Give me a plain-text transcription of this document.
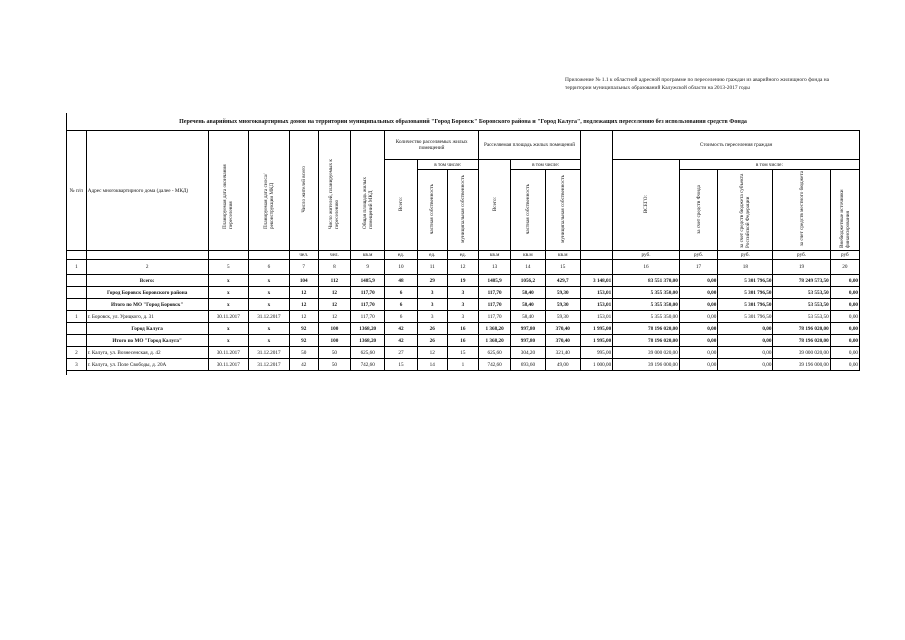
Приложение № 1.1 к областной адресной программе по переселению граждан из аварийного жилищного фонда на территории муниципальных образований Калужской области на 2013-2017 годы
Перечень аварийных многоквартирных домов на территории муниципальных образований "Город Боровск" Боровского района и "Город Калуга", подлежащих переселению без использования средств Фонда
№ п/п	Адрес многоквартирного дома (далее - МКД)	Планируемая дата окончания переселения	Планируемая дата сноса/реконструкции МКД	Число жителей всего	Число жителей, планируемых к переселению	Общая площадь жилых помещений МКД	Количество расселяемых жилых помещений			Расселяемая площадь жилых помещений				Стоимость переселения граждан				
							Всего:	в том числе:		Всего:	в том числе:			ВСЕГО:	в том числе:			
								частная собственность	муниципальная собственность		частная собственность	муниципальная собственность			за счет средств Фонда	за счет средств бюджета субъекта Российской Федерации	за счет средств местного бюджета	Внебюджетные источники финансирования
				чел.	чел.	кв.м	ед.	ед.	ед.	кв.м	кв.м	кв.м		руб.	руб.	руб.	руб.	руб
1	2	5	6	7	8	9	10	11	12	13	14	15		16	17	18	19	20
	Всего:	x	x	104	112	1485,9	48	29	19	1485,9	1056,2	429,7	3 148,01	83 551 370,00	0,00	5 301 796,50	78 249 573,50	0,00
	Город Боровск Боровского района	x	x	12	12	117,70	6	3	3	117,70	58,40	59,30	153,01	5 355 350,00	0,00	5 301 796,50	53 553,50	0,00
	Итого по МО "Город Боровск"	x	x	12	12	117,70	6	3	3	117,70	58,40	59,30	153,01	5 355 350,00	0,00	5 301 796,50	53 553,50	0,00
1	г. Боровск, ул. Урицкого, д. 31	30.11.2017	31.12.2017	12	12	117,70	6	3	3	117,70	58,40	59,30	153,01	5 355 350,00	0,00	5 301 796,50	53 553,50	0,00
	Город Калуга	x	x	92	100	1368,20	42	26	16	1 368,20	997,80	370,40	1 995,00	78 196 020,00	0,00	0,00	78 196 020,00	0,00
	Итого по МО "Город Калуга"	x	x	92	100	1368,20	42	26	16	1 368,20	997,80	370,40	1 995,00	78 196 020,00	0,00	0,00	78 196 020,00	0,00
2	г. Калуга, ул. Вознесенская, д. 42	30.11.2017	31.12.2017	50	50	625,60	27	12	15	625,60	304,20	321,40	995,00	39 000 020,00	0,00	0,00	39 000 020,00	0,00
3	г. Калуга, ул. Поле Свободы, д. 20А	30.11.2017	31.12.2017	42	50	742,60	15	14	1	742,60	693,60	49,00	1 000,00	39 196 000,00	0,00	0,00	39 196 000,00	0,00
